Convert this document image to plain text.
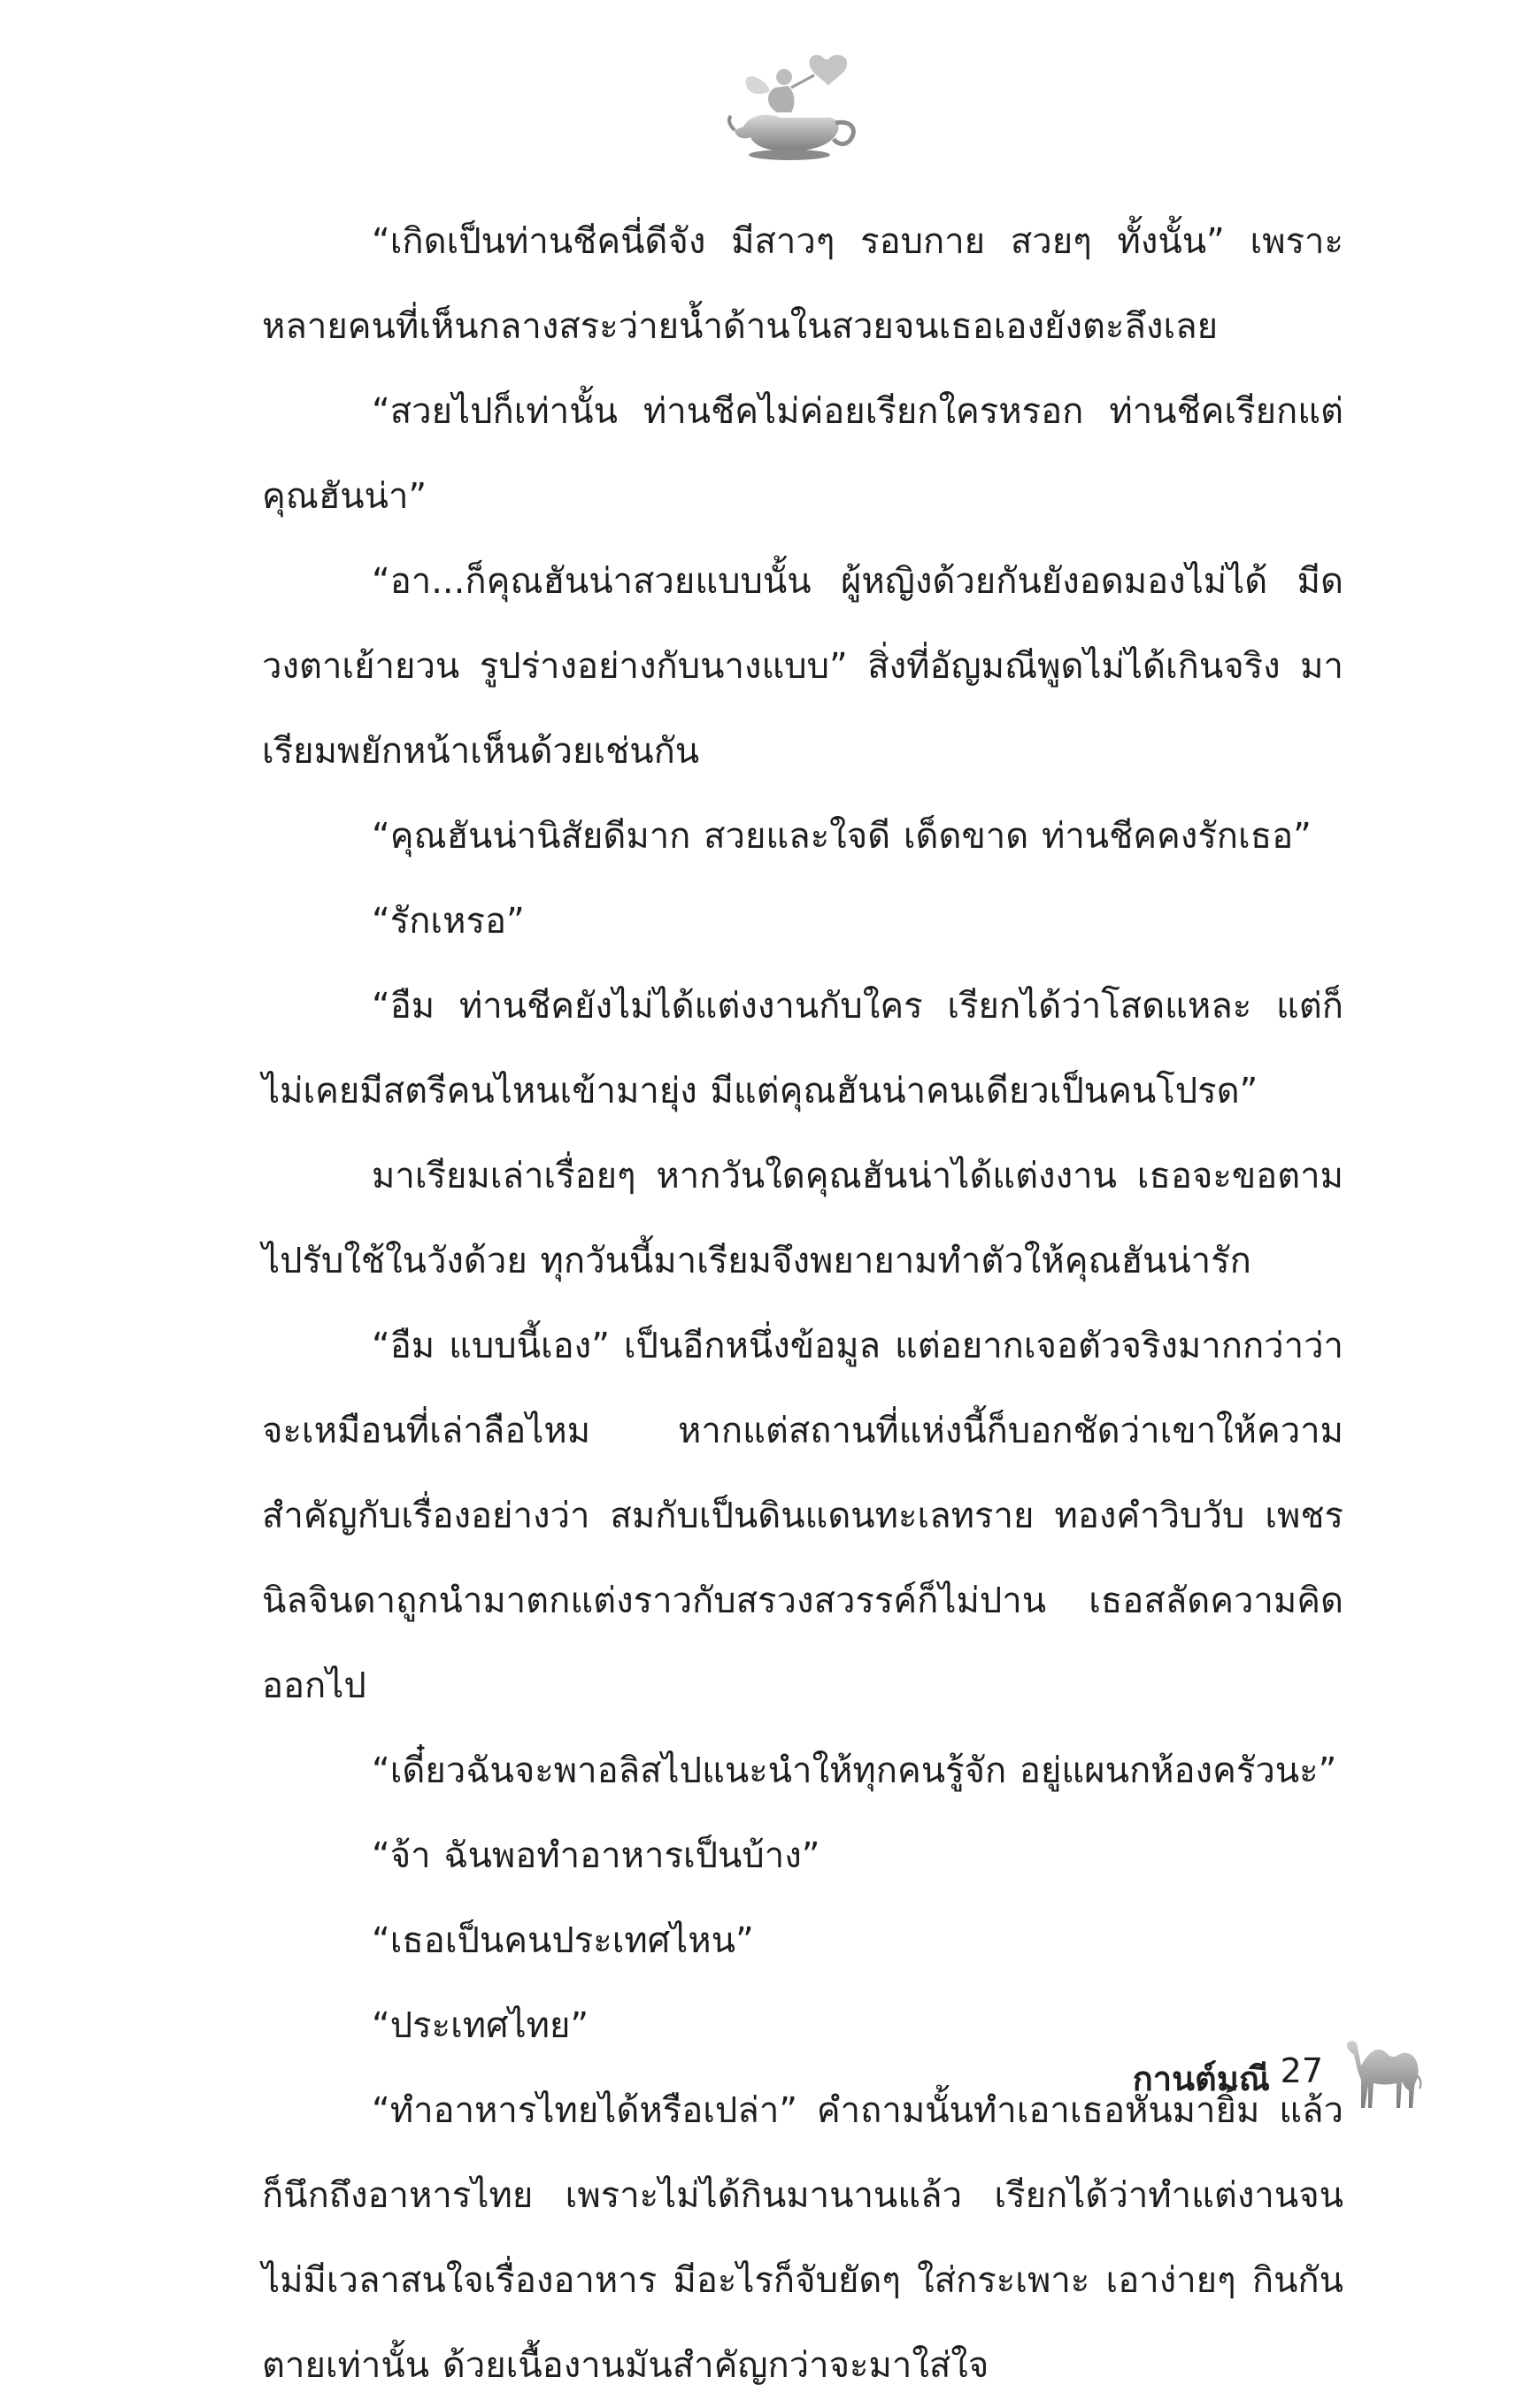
“เกิดเป็นท่านชีคนี่ดีจัง มีสาวๆ รอบกาย สวยๆ ทั้งนั้น” เพราะหลายคนที่เห็นกลางสระว่ายน้ำด้านในสวยจนเธอเองยังตะลึงเลย

“สวยไปก็เท่านั้น ท่านชีคไม่ค่อยเรียกใครหรอก ท่านชีคเรียกแต่คุณฮันน่า”

“อา...ก็คุณฮันน่าสวยแบบนั้น ผู้หญิงด้วยกันยังอดมองไม่ได้ มีดวงตาเย้ายวน รูปร่างอย่างกับนางแบบ” สิ่งที่อัญมณีพูดไม่ได้เกินจริง มาเรียมพยักหน้าเห็นด้วยเช่นกัน

“คุณฮันน่านิสัยดีมาก สวยและใจดี เด็ดขาด ท่านชีคคงรักเธอ”

“รักเหรอ”

“อืม ท่านชีคยังไม่ได้แต่งงานกับใคร เรียกได้ว่าโสดแหละ แต่ก็ไม่เคยมีสตรีคนไหนเข้ามายุ่ง มีแต่คุณฮันน่าคนเดียวเป็นคนโปรด”

มาเรียมเล่าเรื่อยๆ หากวันใดคุณฮันน่าได้แต่งงาน เธอจะขอตามไปรับใช้ในวังด้วย ทุกวันนี้มาเรียมจึงพยายามทำตัวให้คุณฮันน่ารัก

“อืม แบบนี้เอง” เป็นอีกหนึ่งข้อมูล แต่อยากเจอตัวจริงมากกว่าว่าจะเหมือนที่เล่าลือไหม หากแต่สถานที่แห่งนี้ก็บอกชัดว่าเขาให้ความสำคัญกับเรื่องอย่างว่า สมกับเป็นดินแดนทะเลทราย ทองคำวิบวับ เพชรนิลจินดาถูกนำมาตกแต่งราวกับสรวงสวรรค์ก็ไม่ปาน เธอสลัดความคิดออกไป

“เดี๋ยวฉันจะพาอลิสไปแนะนำให้ทุกคนรู้จัก อยู่แผนกห้องครัวนะ”

“จ้า ฉันพอทำอาหารเป็นบ้าง”

“เธอเป็นคนประเทศไหน”

“ประเทศไทย”

“ทำอาหารไทยได้หรือเปล่า” คำถามนั้นทำเอาเธอหันมายิ้ม แล้วก็นึกถึงอาหารไทย เพราะไม่ได้กินมานานแล้ว เรียกได้ว่าทำแต่งานจนไม่มีเวลาสนใจเรื่องอาหาร มีอะไรก็จับยัดๆ ใส่กระเพาะ เอาง่ายๆ กินกันตายเท่านั้น ด้วยเนื้องานมันสำคัญกว่าจะมาใส่ใจ

กานต์มณี 27
